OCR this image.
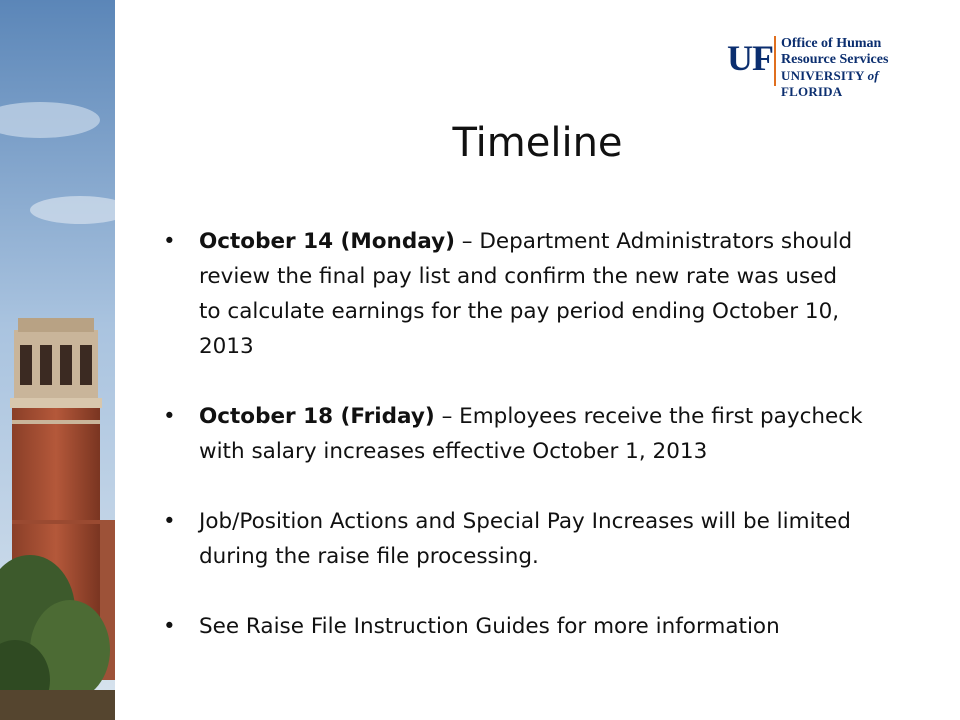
UF Office of Human
Resource Services
UNIVERSITY of FLORIDA
Timeline
• October 14 (Monday) – Department Administrators should review the final pay list and confirm the new rate was used to calculate earnings for the pay period ending October 10, 2013
• October 18 (Friday) – Employees receive the first paycheck with salary increases effective October 1, 2013
• Job/Position Actions and Special Pay Increases will be limited during the raise file processing.
• See Raise File Instruction Guides for more information
